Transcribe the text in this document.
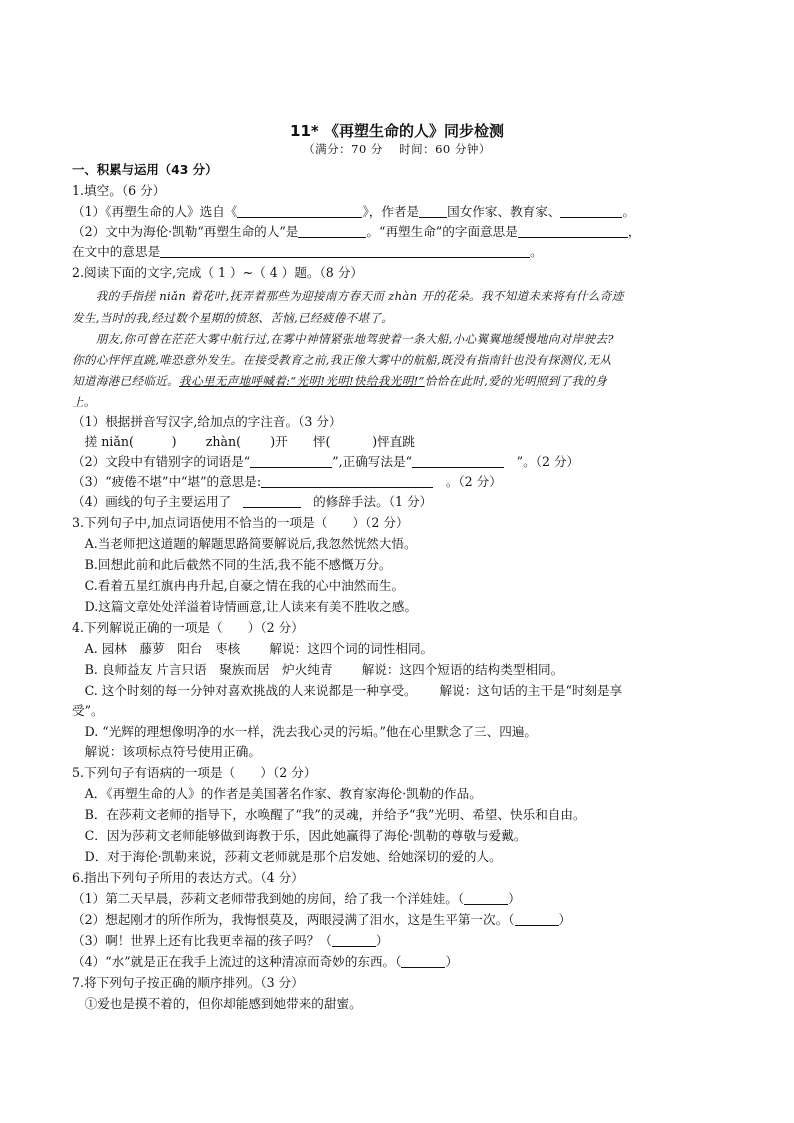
11* 《再塑生命的人》同步检测
（满分：70 分　 时间：60 分钟）
一、积累与运用（43 分）
1.填空。（6 分）
（1）《再塑生命的人》选自《	》，作者是 国女作家、教育家、	。
（2）文中为海伦·凯勒“再塑生命的人”是	。“再塑生命”的字面意思是	，
在文中的意思是	。
2.阅读下面的文字,完成（ 1 ）~（ 4 ）题。（8 分）
　　我的手指搓 niǎn 着花叶,抚弄着那些为迎接南方春天而 zhàn 开的花朵。我不知道未来将有什么奇迹
发生,当时的我,经过数个星期的愤怒、苦恼,已经疲倦不堪了。
　　朋友,你可曾在茫茫大雾中航行过,在雾中神情紧张地驾驶着一条大船,小心翼翼地缓慢地向对岸驶去?
你的心怦怦直跳,唯恐意外发生。在接受教育之前,我正像大雾中的航船,既没有指南针也没有探测仪,无从
知道海港已经临近。我心里无声地呼喊着:“光明!光明!快给我光明!”恰恰在此时,爱的光明照到了我的身
上。
（1）根据拼音写汉字,给加点的字注音。（3 分）
　搓 niǎn(　　　)　　 zhàn(　　 )开　　怦(　　　 )怦直跳
（2）文段中有错别字的词语是“	”,正确写法是“	　”。（2 分）
（3）“疲倦不堪”中“堪”的意思是:	　。（2 分）
（4）画线的句子主要运用了	的修辞手法。（1 分）
3.下列句子中,加点词语使用不恰当的一项是（　　）（2 分）
　A.当老师把这道题的解题思路简要解说后,我忽然恍然大悟。
　B.回想此前和此后截然不同的生活,我不能不感慨万分。
　C.看着五星红旗冉冉升起,自豪之情在我的心中油然而生。
　D.这篇文章处处洋溢着诗情画意,让人读来有美不胜收之感。
4.下列解说正确的一项是（　　）（2 分）
　A. 园林　藤萝　阳台　枣核　　 解说：这四个词的词性相同。
　B. 良师益友 片言只语　聚族而居　炉火纯青　　 解说：这四个短语的结构类型相同。
　C. 这个时刻的每一分钟对喜欢挑战的人来说都是一种享受。　　 解说：这句话的主干是“时刻是享
受”。
　D. “光辉的理想像明净的水一样，洗去我心灵的污垢。”他在心里默念了三、四遍。
　解说：该项标点符号使用正确。
5.下列句子有语病的一项是（　　）（2 分）
　A．《再塑生命的人》的作者是美国著名作家、教育家海伦·凯勒的作品。
　B．在莎莉文老师的指导下，水唤醒了“我”的灵魂，并给予“我”光明、希望、快乐和自由。
　C．因为莎莉文老师能够做到诲教于乐，因此她赢得了海伦·凯勒的尊敬与爱戴。
　D．对于海伦·凯勒来说，莎莉文老师就是那个启发她、给她深切的爱的人。
6.指出下列句子所用的表达方式。（4 分）
（1）第二天早晨，莎莉文老师带我到她的房间，给了我一个洋娃娃。（	）
（2）想起刚才的所作所为，我悔恨莫及，两眼浸满了泪水，这是生平第一次。（	）
（3）啊！世界上还有比我更幸福的孩子吗？（	）
（4）“水”就是正在我手上流过的这种清凉而奇妙的东西。（	）
7.将下列句子按正确的顺序排列。（3 分）
　①爱也是摸不着的，但你却能感到她带来的甜蜜。
